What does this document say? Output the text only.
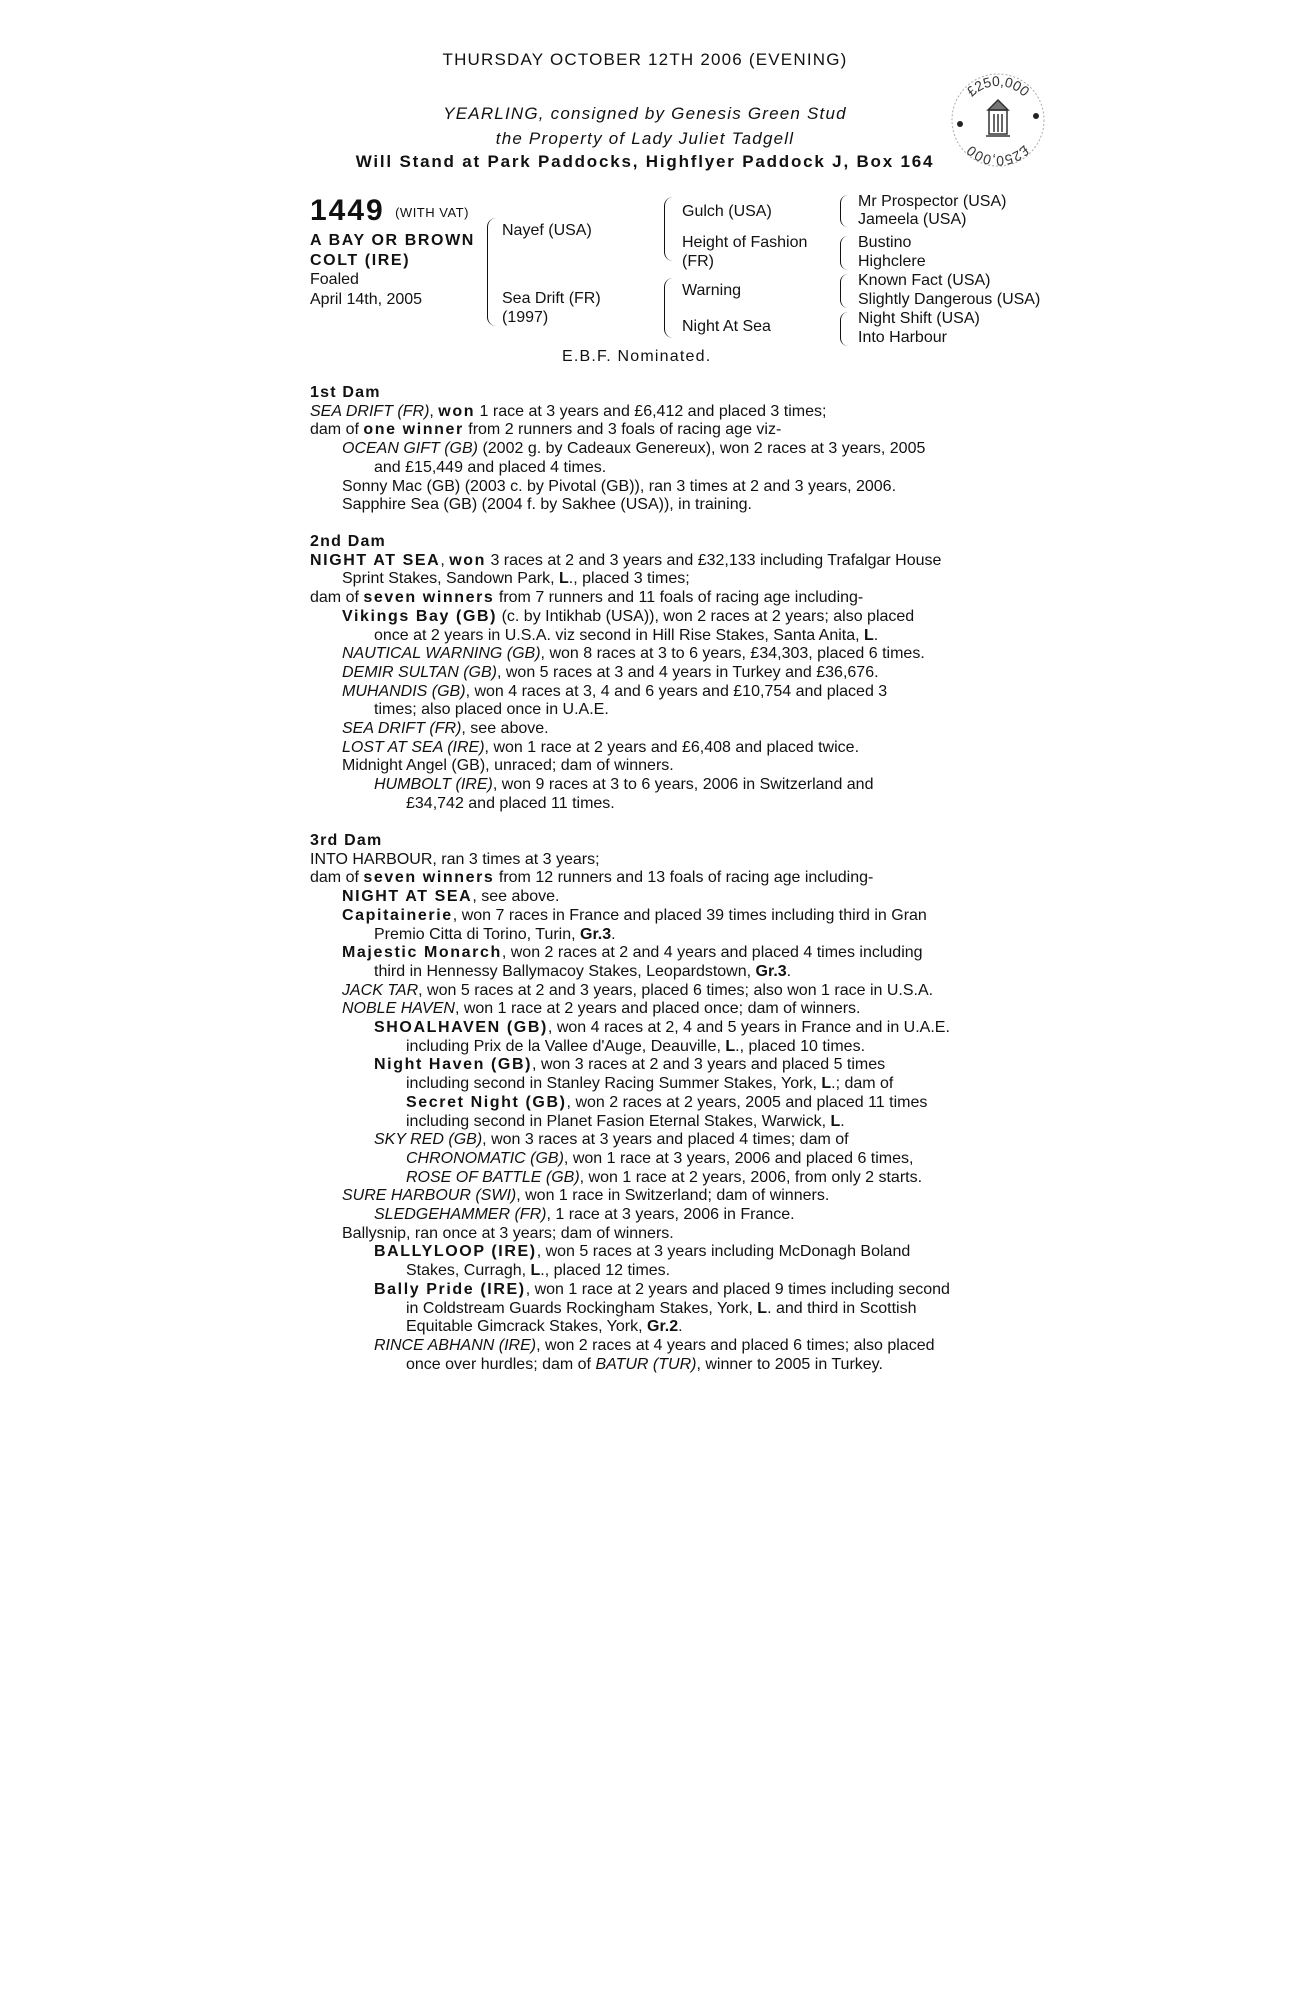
THURSDAY OCTOBER 12TH 2006 (EVENING)
YEARLING, consigned by Genesis Green Stud
the Property of Lady Juliet Tadgell
Will Stand at Park Paddocks, Highflyer Paddock J, Box 164
£250,000
£250,000
1449 (WITH VAT)
A BAY OR BROWN
COLT (IRE)
Foaled
April 14th, 2005
Nayef (USA)
Sea Drift (FR)
(1997)
Gulch (USA)
Height of Fashion
(FR)
Warning
Night At Sea
Mr Prospector (USA)
Jameela (USA)
Bustino
Highclere
Known Fact (USA)
Slightly Dangerous (USA)
Night Shift (USA)
Into Harbour
E.B.F. Nominated.
1st Dam
SEA DRIFT (FR), won 1 race at 3 years and £6,412 and placed 3 times;
dam of one winner from 2 runners and 3 foals of racing age viz-
OCEAN GIFT (GB) (2002 g. by Cadeaux Genereux), won 2 races at 3 years, 2005
and £15,449 and placed 4 times.
Sonny Mac (GB) (2003 c. by Pivotal (GB)), ran 3 times at 2 and 3 years, 2006.
Sapphire Sea (GB) (2004 f. by Sakhee (USA)), in training.
2nd Dam
NIGHT AT SEA, won 3 races at 2 and 3 years and £32,133 including Trafalgar House
Sprint Stakes, Sandown Park, L., placed 3 times;
dam of seven winners from 7 runners and 11 foals of racing age including-
Vikings Bay (GB) (c. by Intikhab (USA)), won 2 races at 2 years; also placed
once at 2 years in U.S.A. viz second in Hill Rise Stakes, Santa Anita, L.
NAUTICAL WARNING (GB), won 8 races at 3 to 6 years, £34,303, placed 6 times.
DEMIR SULTAN (GB), won 5 races at 3 and 4 years in Turkey and £36,676.
MUHANDIS (GB), won 4 races at 3, 4 and 6 years and £10,754 and placed 3
times; also placed once in U.A.E.
SEA DRIFT (FR), see above.
LOST AT SEA (IRE), won 1 race at 2 years and £6,408 and placed twice.
Midnight Angel (GB), unraced; dam of winners.
HUMBOLT (IRE), won 9 races at 3 to 6 years, 2006 in Switzerland and
£34,742 and placed 11 times.
3rd Dam
INTO HARBOUR, ran 3 times at 3 years;
dam of seven winners from 12 runners and 13 foals of racing age including-
NIGHT AT SEA, see above.
Capitainerie, won 7 races in France and placed 39 times including third in Gran
Premio Citta di Torino, Turin, Gr.3.
Majestic Monarch, won 2 races at 2 and 4 years and placed 4 times including
third in Hennessy Ballymacoy Stakes, Leopardstown, Gr.3.
JACK TAR, won 5 races at 2 and 3 years, placed 6 times; also won 1 race in U.S.A.
NOBLE HAVEN, won 1 race at 2 years and placed once; dam of winners.
SHOALHAVEN (GB), won 4 races at 2, 4 and 5 years in France and in U.A.E.
including Prix de la Vallee d'Auge, Deauville, L., placed 10 times.
Night Haven (GB), won 3 races at 2 and 3 years and placed 5 times
including second in Stanley Racing Summer Stakes, York, L.; dam of
Secret Night (GB), won 2 races at 2 years, 2005 and placed 11 times
including second in Planet Fasion Eternal Stakes, Warwick, L.
SKY RED (GB), won 3 races at 3 years and placed 4 times; dam of
CHRONOMATIC (GB), won 1 race at 3 years, 2006 and placed 6 times,
ROSE OF BATTLE (GB), won 1 race at 2 years, 2006, from only 2 starts.
SURE HARBOUR (SWI), won 1 race in Switzerland; dam of winners.
SLEDGEHAMMER (FR), 1 race at 3 years, 2006 in France.
Ballysnip, ran once at 3 years; dam of winners.
BALLYLOOP (IRE), won 5 races at 3 years including McDonagh Boland
Stakes, Curragh, L., placed 12 times.
Bally Pride (IRE), won 1 race at 2 years and placed 9 times including second
in Coldstream Guards Rockingham Stakes, York, L. and third in Scottish
Equitable Gimcrack Stakes, York, Gr.2.
RINCE ABHANN (IRE), won 2 races at 4 years and placed 6 times; also placed
once over hurdles; dam of BATUR (TUR), winner to 2005 in Turkey.
